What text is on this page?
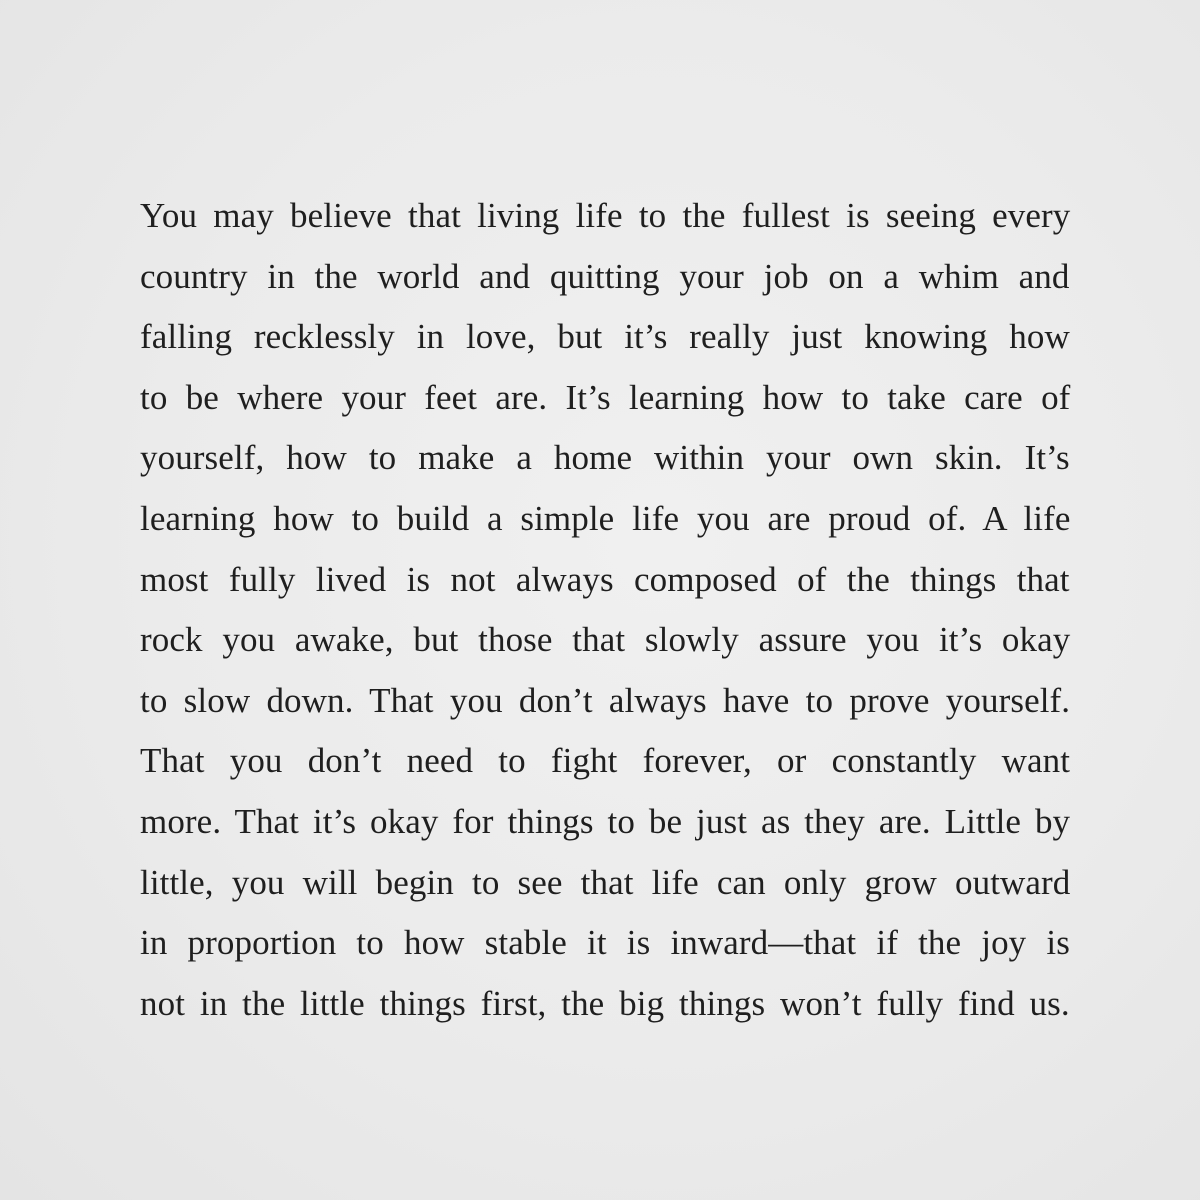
You may believe that living life to the fullest is seeing every
country in the world and quitting your job on a whim and
falling recklessly in love, but it’s really just knowing how
to be where your feet are. It’s learning how to take care of
yourself, how to make a home within your own skin. It’s
learning how to build a simple life you are proud of. A life
most fully lived is not always composed of the things that
rock you awake, but those that slowly assure you it’s okay
to slow down. That you don’t always have to prove yourself.
That you don’t need to fight forever, or constantly want
more. That it’s okay for things to be just as they are. Little by
little, you will begin to see that life can only grow outward
in proportion to how stable it is inward—that if the joy is
not in the little things first, the big things won’t fully find us.
